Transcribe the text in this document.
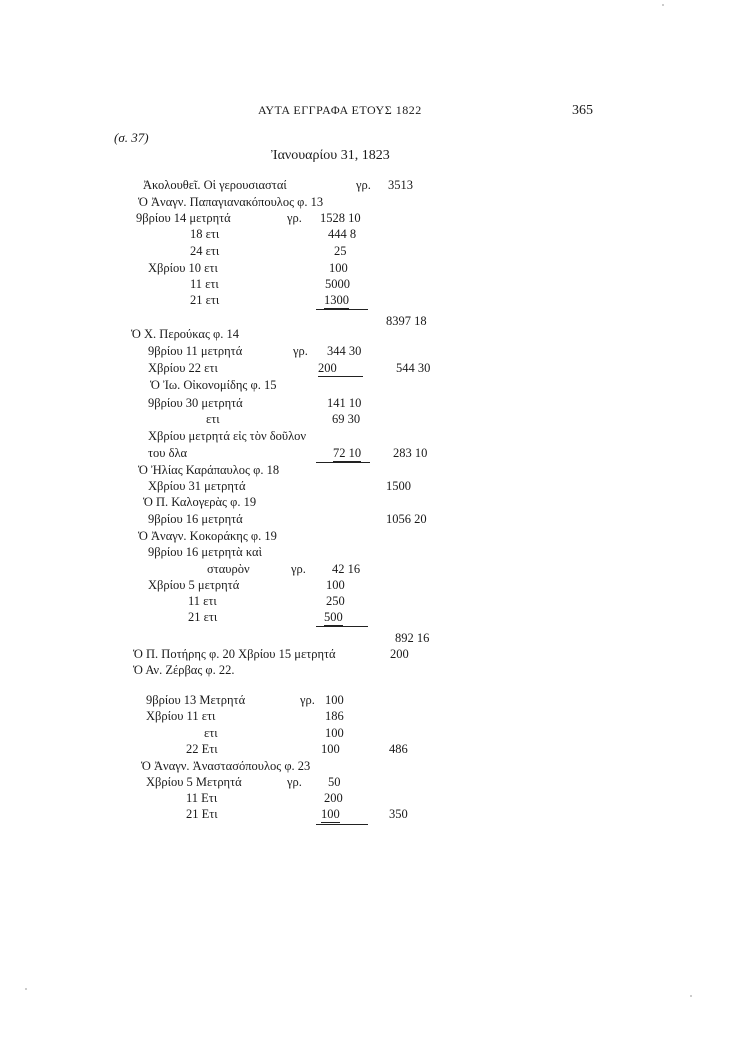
ΑΥΤΑ ΕΓΓΡΑΦΑ ΕΤΟΥΣ 1822	365
(σ. 37)
Ἰανουαρίου 31, 1823
Ἀκολουθεῖ. Οἱ γερουσιασταί	γρ. 3513
Ὁ Ἀναγν. Παπαγιανακόπουλος φ. 13
9βρίου 14 μετρητά	γρ. 1528 10
18 ετι	444 8
24 ετι	25
Χβρίου 10 ετι	100
11 ετι	5000
21 ετι	1300
8397 18
Ὁ Χ. Περούκας φ. 14
9βρίου 11 μετρητά	γρ. 344 30
Χβρίου 22 ετι	200	544 30
Ὁ Ἰω. Οἰκονομίδης φ. 15
9βρίου 30 μετρητά	141 10
ετι	69 30
Χβρίου μετρητά εἰς τὸν δοῦλον
του δλα	72 10	283 10
Ὁ Ἠλίας Καράπαυλος φ. 18
Χβρίου 31 μετρητά	1500
Ὁ Π. Καλογερὰς φ. 19
9βρίου 16 μετρητά	1056 20
Ὁ Ἀναγν. Κοκοράκης φ. 19
9βρίου 16 μετρητὰ καὶ
σταυρὸν	γρ. 42 16
Χβρίου 5 μετρητά	100
11 ετι	250
21 ετι	500
892 16
Ὁ Π. Ποτήρης φ. 20 Χβρίου 15 μετρητά	200
Ὁ Αν. Ζέρβας φ. 22.
9βρίου 13 Μετρητά	γρ. 100
Χβρίου 11 ετι	186
ετι	100
22 Ετι	100	486
Ὁ Ἀναγν. Ἀναστασόπουλος φ. 23
Χβρίου 5 Μετρητά	γρ. 50
11 Ετι	200
21 Ετι	100	350
